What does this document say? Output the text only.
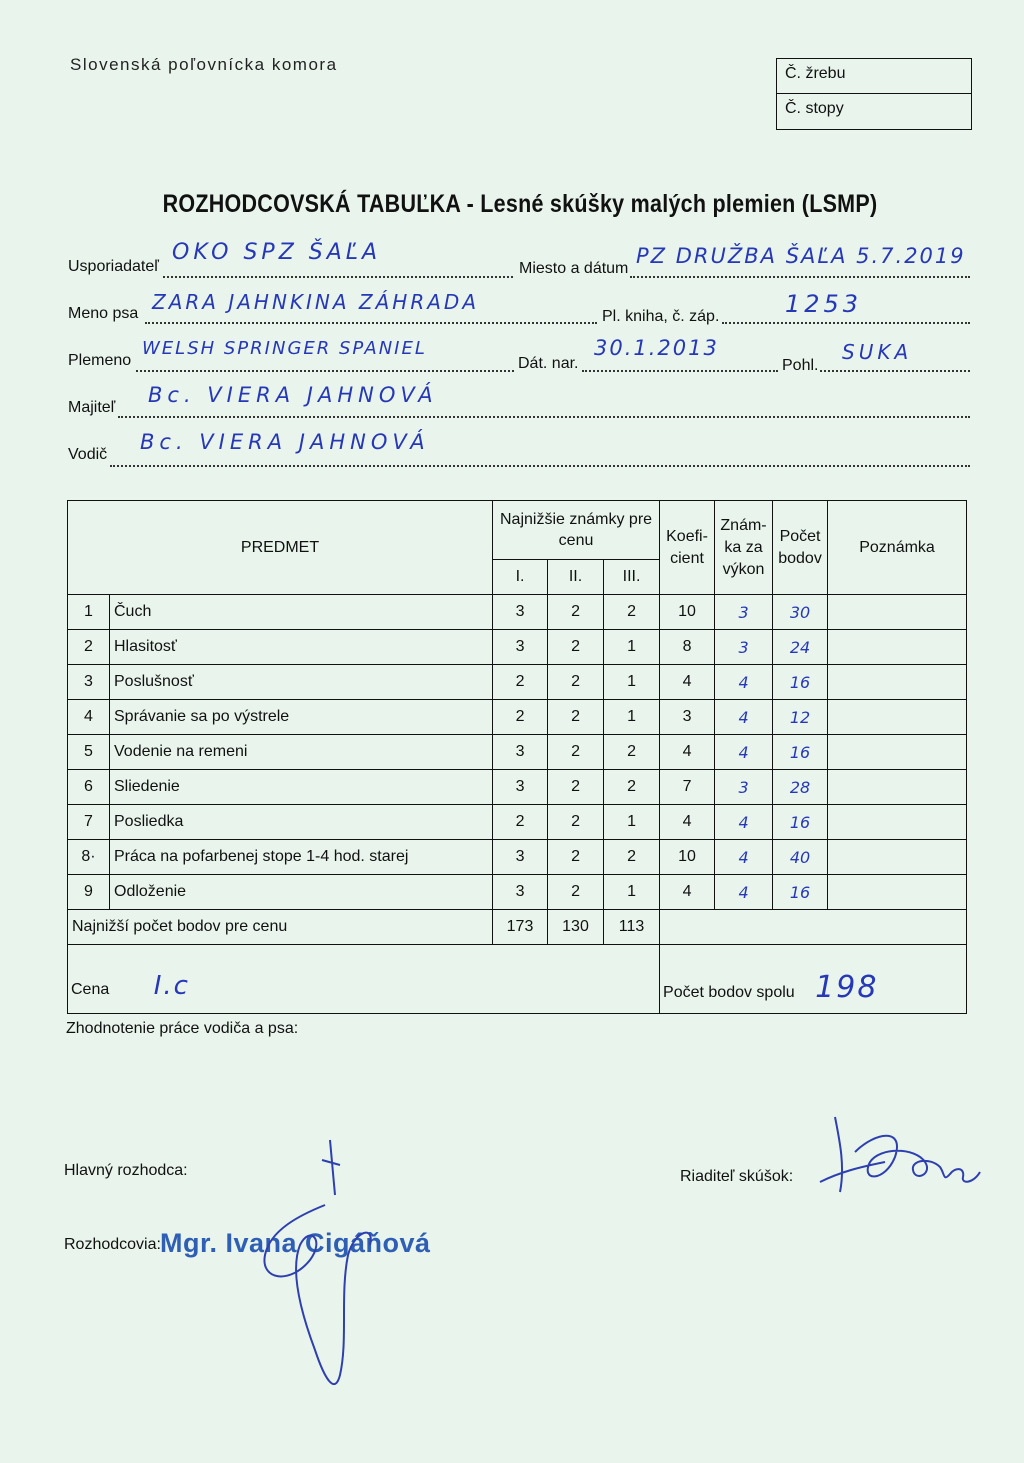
Slovenská poľovnícka komora	Č. žrebu
Č. stopy
ROZHODCOVSKÁ TABUĽKA - Lesné skúšky malých plemien (LSMP)
Usporiadateľ
OKO SPZ ŠAĽA
Miesto a dátum
PZ DRUŽBA ŠAĽA 5.7.2019
Meno psa ZARA JAHNKINA ZÁHRADA
Pl. kniha, č. záp.	1253
Plemeno
WELSH SPRINGER SPANIEL
Dát. nar.
30.1.2013
Pohl.
SUKA
Majiteľ
Bc. VIERA JAHNOVÁ
Vodič
Bc. VIERA JAHNOVÁ
PREDMET		Najnižšie známky pre cenu			Koefi-cient	Znám-ka za výkon	Počet bodov	Poznámka
		I.	II.	III.				
1	Čuch	3	2	2	10	3	30	
2	Hlasitosť	3	2	1	8	3	24	
3	Poslušnosť	2	2	1	4	4	16	
4	Správanie sa po výstrele	2	2	1	3	4	12	
5	Vodenie na remeni	3	2	2	4	4	16	
6	Sliedenie	3	2	2	7	3	28	
7	Posliedka	2	2	1	4	4	16	
8·	Práca na pofarbenej stope 1-4 hod. starej	3	2	2	10	4	40	
9	Odloženie	3	2	1	4	4	16	
Najnižší počet bodov pre cenu		173	130	113				
Cena I.c					Počet bodov spolu 198			
Zhodnotenie práce vodiča a psa:
Hlavný rozhodca:
Rozhodcovia: Mgr. Ivana Cigáňová
Riaditeľ skúšok:
